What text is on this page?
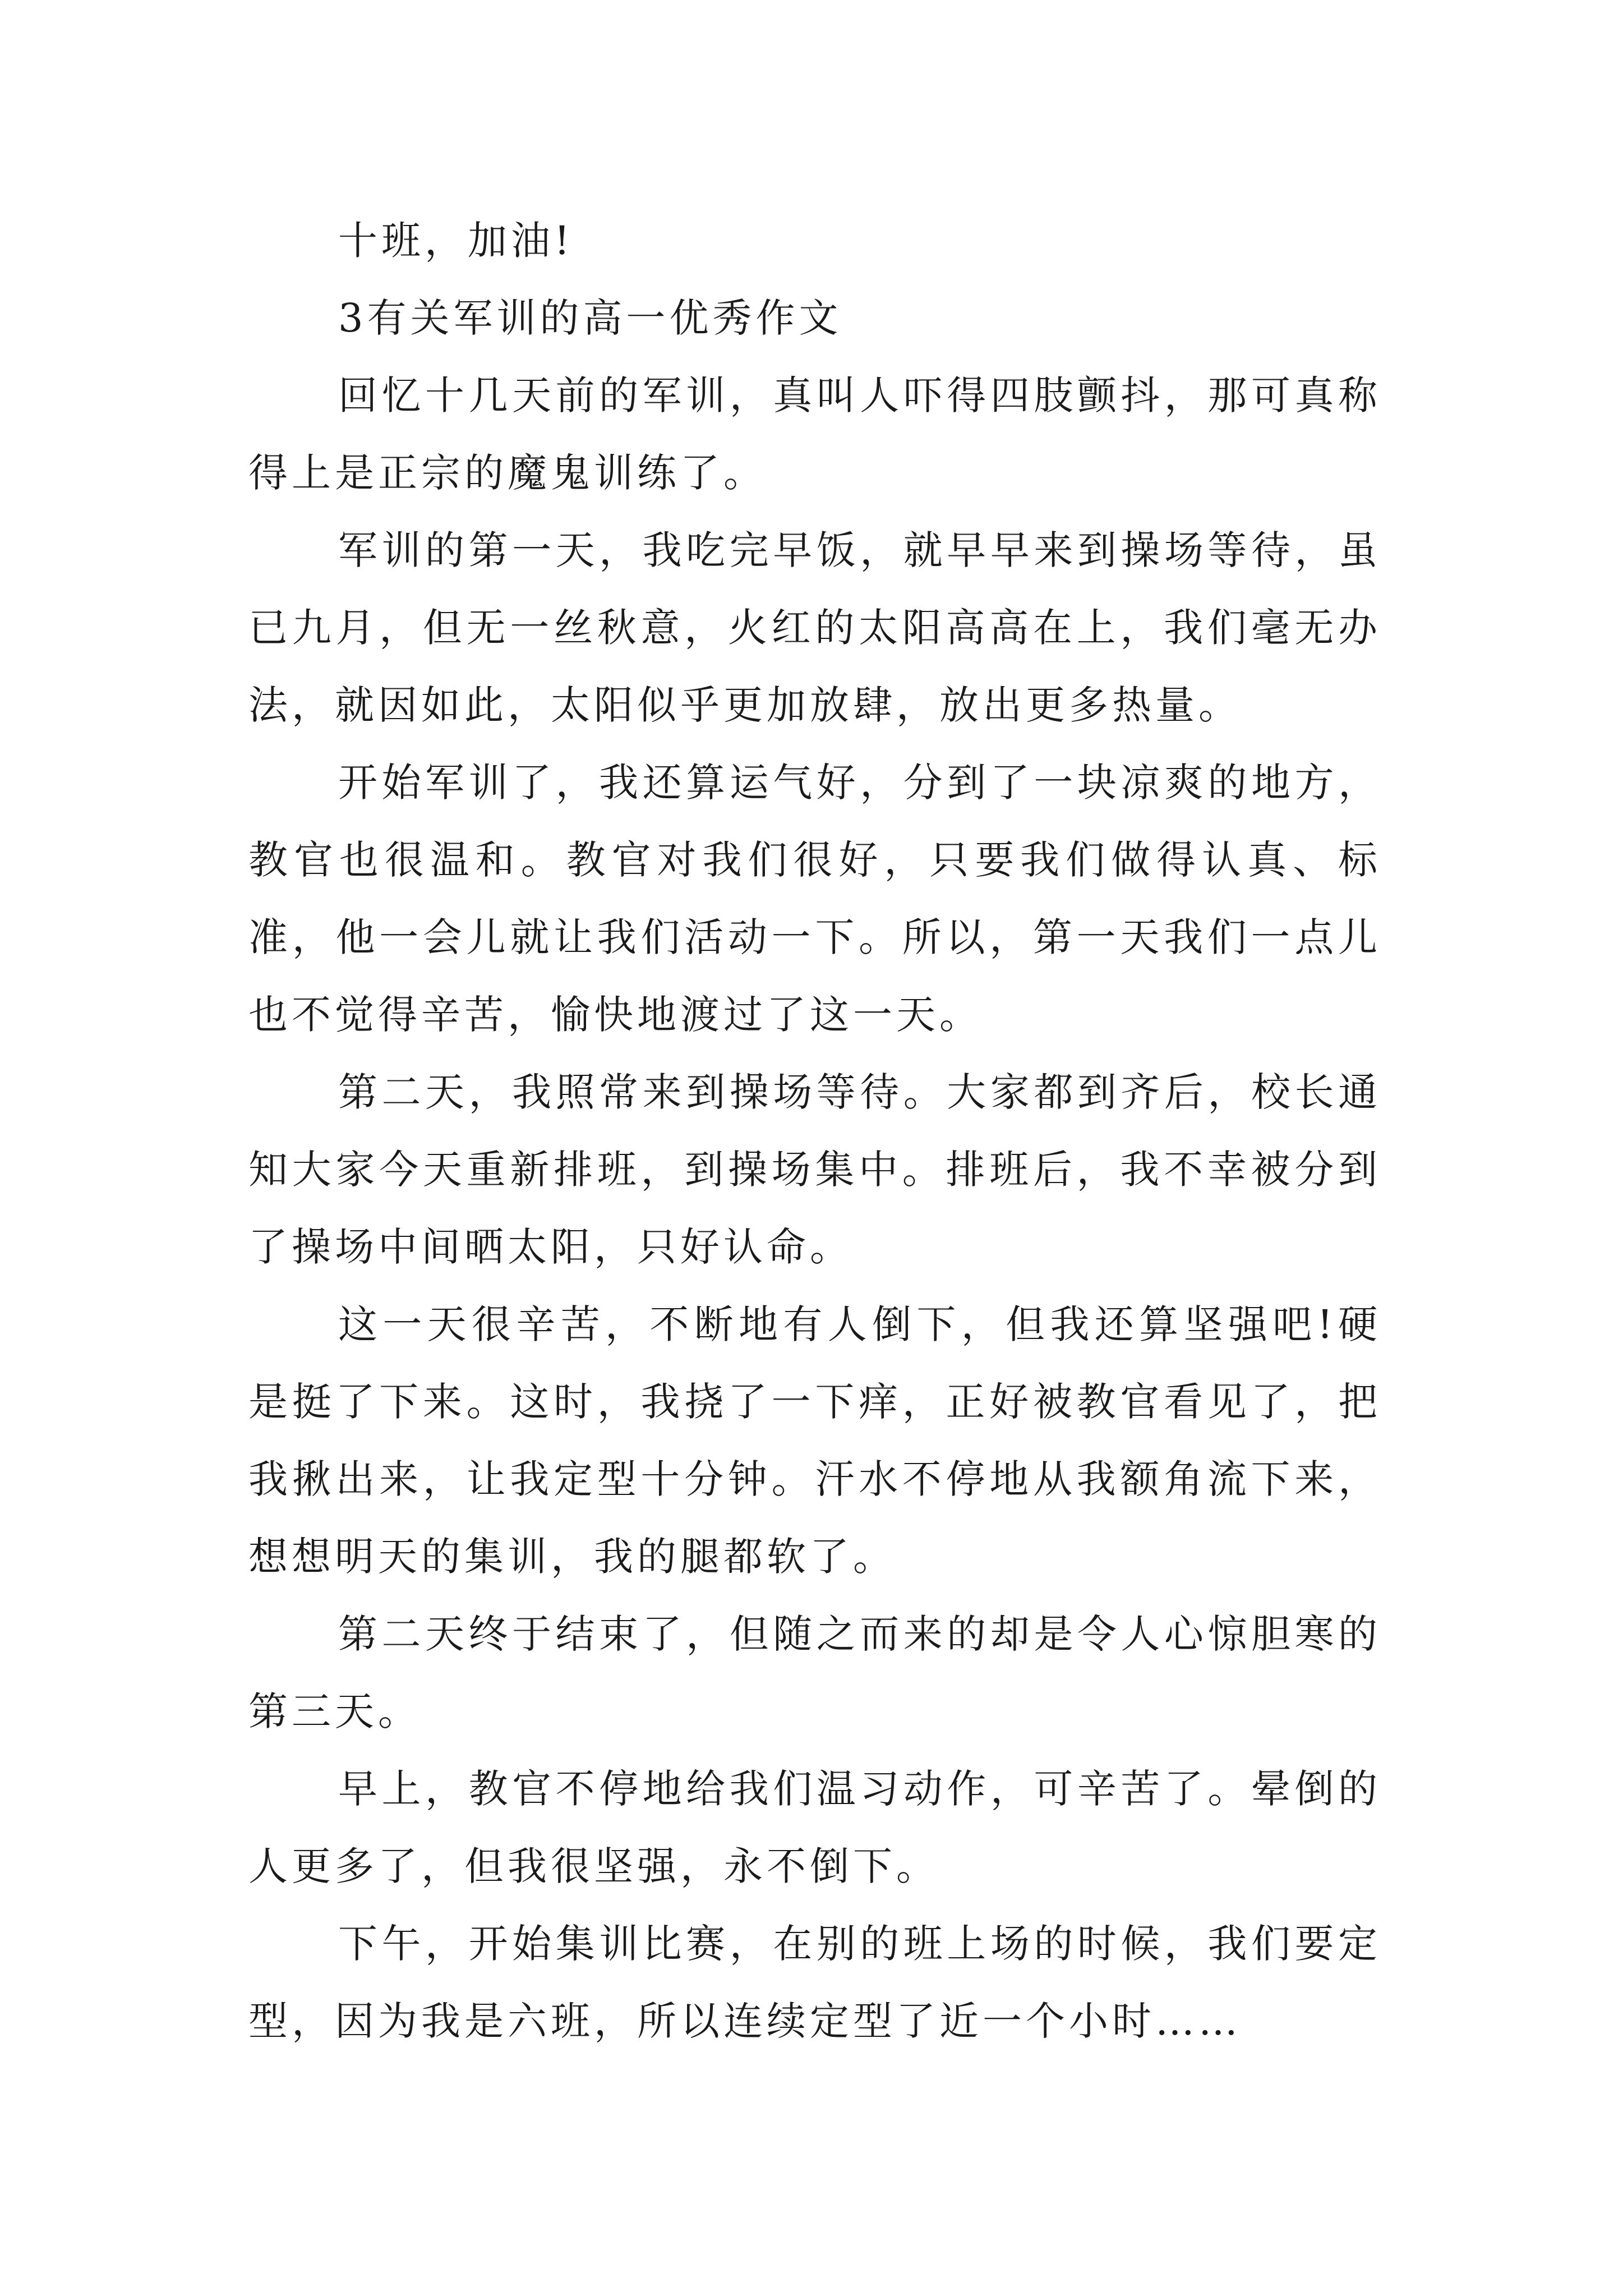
十班，加油!

3有关军训的高一优秀作文

回忆十几天前的军训，真叫人吓得四肢颤抖，那可真称得上是正宗的魔鬼训练了。

军训的第一天，我吃完早饭，就早早来到操场等待，虽已九月，但无一丝秋意，火红的太阳高高在上，我们毫无办法，就因如此，太阳似乎更加放肆，放出更多热量。

开始军训了，我还算运气好，分到了一块凉爽的地方，教官也很温和。教官对我们很好，只要我们做得认真、标准，他一会儿就让我们活动一下。所以，第一天我们一点儿也不觉得辛苦，愉快地渡过了这一天。

第二天，我照常来到操场等待。大家都到齐后，校长通知大家今天重新排班，到操场集中。排班后，我不幸被分到了操场中间晒太阳，只好认命。

这一天很辛苦，不断地有人倒下，但我还算坚强吧!硬是挺了下来。这时，我挠了一下痒，正好被教官看见了，把我揪出来，让我定型十分钟。汗水不停地从我额角流下来，想想明天的集训，我的腿都软了。

第二天终于结束了，但随之而来的却是令人心惊胆寒的第三天。

早上，教官不停地给我们温习动作，可辛苦了。晕倒的人更多了，但我很坚强，永不倒下。

下午，开始集训比赛，在别的班上场的时候，我们要定型，因为我是六班，所以连续定型了近一个小时……
